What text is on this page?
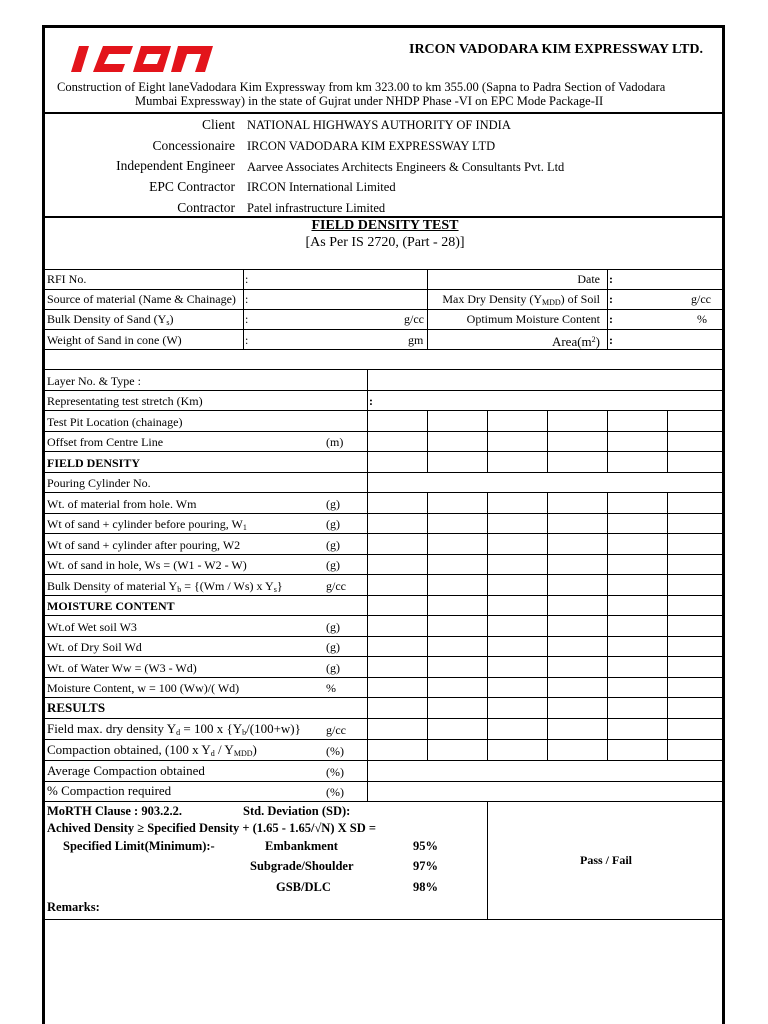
IRCON VADODARA KIM EXPRESSWAY LTD.
Construction of Eight laneVadodara Kim Expressway from km 323.00 to km 355.00 (Sapna to Padra Section of Vadodara
Mumbai Expressway) in the state of Gujrat under NHDP Phase -VI on EPC Mode Package-II
Client NATIONAL HIGHWAYS AUTHORITY OF INDIA
Concessionaire IRCON VADODARA KIM EXPRESSWAY LTD
Independent Engineer Aarvee Associates Architects Engineers & Consultants Pvt. Ltd
EPC Contractor IRCON International Limited
Contractor Patel infrastructure Limited
FIELD DENSITY TEST
[As Per IS 2720, (Part - 28)]
RFI No.	:	Date :
Source of material (Name & Chainage) :	Max Dry Density $(Y_{MDD})$ of Soil :	g/cc
Bulk Density of Sand $(Y_s)$	:	g/cc	Optimum Moisture Content :	%
Weight of Sand in cone (W)	:	gm	$Area(m^2)$ :
Layer No. & Type :
Representating test stretch (Km)	:
Test Pit Location (chainage)
Offset from Centre Line	(m)
FIELD DENSITY
Pouring Cylinder No.
Wt. of material from hole. Wm	(g)
Wt of sand + cylinder before pouring, $W_1$	(g)
Wt of sand + cylinder after pouring, W2	(g)
Wt. of sand in hole, Ws = (W1 - W2 - W)	(g)
Bulk Density of material $Y_b = \{(Wm / Ws)$ x $Y_s$}	g/cc
MOISTURE CONTENT
Wt.of Wet soil W3	(g)
Wt. of Dry Soil Wd	(g)
Wt. of Water Ww = (W3 - Wd)	(g)
Moisture Content, w = 100 (Ww)/( Wd)	%
RESULTS
Field max. dry density $Y_d = 100$ x $\{Y_b/(100+w)\}$ g/cc
Compaction obtained, (100 x $Y_d / Y_{MDD}$)	(%)
Average Compaction obtained	(%)
% Compaction required	(%)
MoRTH Clause : 903.2.2.	Std. Deviation (SD):
Achived Density ≥ Specified Density + (1.65 - 1.65/√N) X SD =
Specified Limit(Minimum):-	Embankment	95%
Subgrade/Shoulder	97%
GSB/DLC	98%
Pass / Fail
Remarks:
